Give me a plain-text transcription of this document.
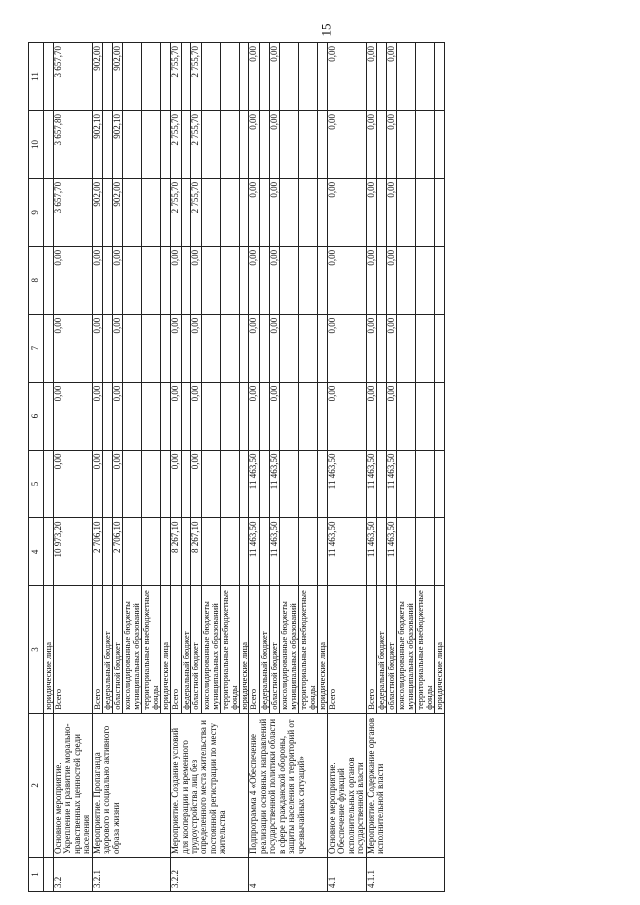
15
1	2	3	4	5	6	7	8	9	10	11
		юридические лица								
3.2	Основное мероприятие. Укрепление и развитие морально-нравственных ценностей среди населения	Всего	10 973,20	0,00	0,00	0,00	0,00	3 657,70	3 657,80	3 657,70
3.2.1	Мероприятие. Пропаганда здорового и социально активного образа жизни	Всего	2 706,10	0,00	0,00	0,00	0,00	902,00	902,10	902,00
		федеральный бюджет								
		областной бюджет	2 706,10	0,00	0,00	0,00	0,00	902,00	902,10	902,00
		консолидированные бюджеты муниципальных образований								
		территориальные внебюджетные фонды								
		юридические лица								
3.2.2	Мероприятие. Создание условий для кооперации и временного трудоустройства лиц без определенного места жительства и постоянной регистрации по месту жительства	Всего	8 267,10	0,00	0,00	0,00	0,00	2 755,70	2 755,70	2 755,70
		федеральный бюджет								
		областной бюджет	8 267,10	0,00	0,00	0,00	0,00	2 755,70	2 755,70	2 755,70
		консолидированные бюджеты муниципальных образований								
		территориальные внебюджетные фонды								
		юридические лица								
4	Подпрограмма 4 «Обеспечение реализации основных направлений государственной политики области в сфере гражданской обороны, защиты населения и территорий от чрезвычайных ситуаций»	Всего	11 463,50	11 463,50	0,00	0,00	0,00	0,00	0,00	0,00
		федеральный бюджет								
		областной бюджет	11 463,50	11 463,50	0,00	0,00	0,00	0,00	0,00	0,00
		консолидированные бюджеты муниципальных образований								
		территориальные внебюджетные фонды								
		юридические лица								
4.1	Основное мероприятие. Обеспечение функций исполнительных органов государственной власти	Всего	11 463,50	11 463,50	0,00	0,00	0,00	0,00	0,00	0,00
4.1.1	Мероприятие. Содержание органов исполнительной власти	Всего	11 463,50	11 463,50	0,00	0,00	0,00	0,00	0,00	0,00
		федеральный бюджет								
		областной бюджет	11 463,50	11 463,50	0,00	0,00	0,00	0,00	0,00	0,00
		консолидированные бюджеты муниципальных образований								
		территориальные внебюджетные фонды								
		юридические лица								
